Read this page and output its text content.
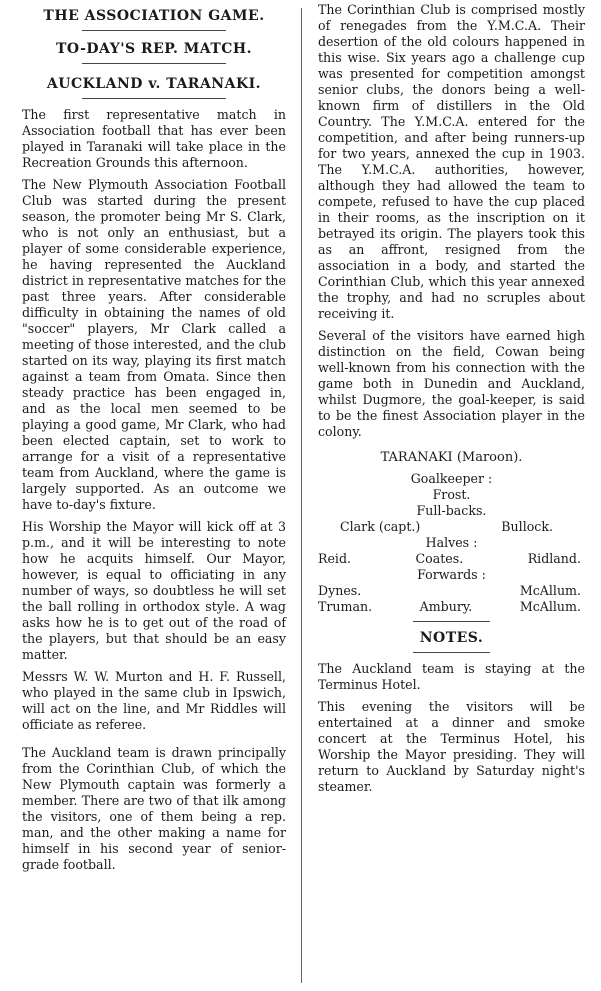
THE ASSOCIATION GAME.
TO-DAY'S REP. MATCH.
AUCKLAND v. TARANAKI.

The first representative match in Association football that has ever been played in Taranaki will take place in the Recreation Grounds this afternoon.

The New Plymouth Association Football Club was started during the present season, the promoter being Mr S. Clark, who is not only an enthusiast, but a player of some considerable experience, he having represented the Auckland district in representative matches for the past three years. After considerable difficulty in obtaining the names of old "soccer" players, Mr Clark called a meeting of those interested, and the club started on its way, playing its first match against a team from Omata. Since then steady practice has been engaged in, and as the local men seemed to be playing a good game, Mr Clark, who had been elected captain, set to work to arrange for a visit of a representative team from Auckland, where the game is largely supported. As an outcome we have to-day's fixture.

His Worship the Mayor will kick off at 3 p.m., and it will be interesting to note how he acquits himself. Our Mayor, however, is equal to officiating in any number of ways, so doubtless he will set the ball rolling in orthodox style. A wag asks how he is to get out of the road of the players, but that should be an easy matter.

Messrs W. W. Murton and H. F. Russell, who played in the same club in Ipswich, will act on the line, and Mr Riddles will officiate as referee.

The Auckland team is drawn principally from the Corinthian Club, of which the New Plymouth captain was formerly a member. There are two of that ilk among the visitors, one of them being a rep. man, and the other making a name for himself in his second year of senior-grade football.

The Corinthian Club is comprised mostly of renegades from the Y.M.C.A. Their desertion of the old colours happened in this wise. Six years ago a challenge cup was presented for competition amongst senior clubs, the donors being a well-known firm of distillers in the Old Country. The Y.M.C.A. entered for the competition, and after being runners-up for two years, annexed the cup in 1903. The Y.M.C.A. authorities, however, although they had allowed the team to compete, refused to have the cup placed in their rooms, as the inscription on it betrayed its origin. The players took this as an affront, resigned from the association in a body, and started the Corinthian Club, which this year annexed the trophy, and had no scruples about receiving it.

Several of the visitors have earned high distinction on the field, Cowan being well-known from his connection with the game both in Dunedin and Auckland, whilst Dugmore, the goal-keeper, is said to be the finest Association player in the colony.

TARANAKI (Maroon).
Goalkeeper :
Frost.
Full-backs.
Clark (capt.)	Bullock.
Halves :
Reid.	Coates.	Ridland.
Forwards :
Dynes.	McAllum.
Truman.	Ambury.	McAllum.
NOTES.

The Auckland team is staying at the Terminus Hotel.

This evening the visitors will be entertained at a dinner and smoke concert at the Terminus Hotel, his Worship the Mayor presiding. They will return to Auckland by Saturday night's steamer.
